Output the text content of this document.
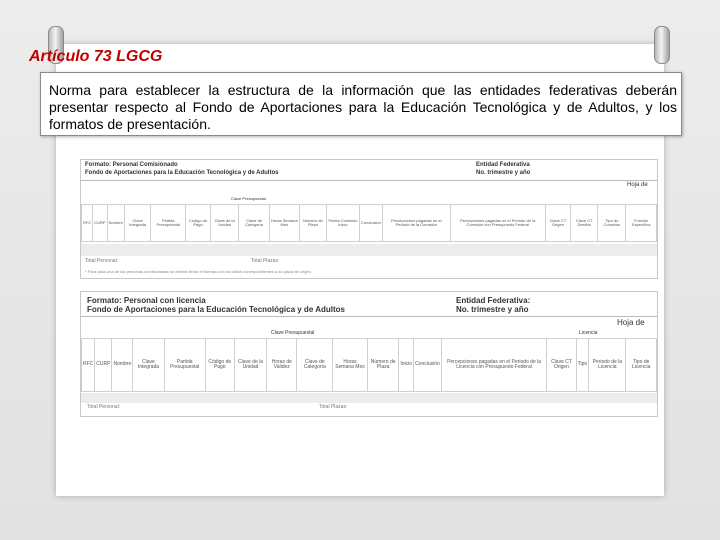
Artículo 73 LGCG

Norma para establecer la estructura de la información que las entidades federativas deberán presentar respecto al Fondo de Aportaciones para la Educación Tecnológica y de Adultos, y los formatos de presentación.

Formato: Personal Comisionado
Fondo de Aportaciones para la Educación Tecnológica y de Adultos
Entidad Federativa
No. trimestre y año
Hoja de
Clave Presupuestal
RFC	CURP	Nombre	Clave Integrada	Partida Presupuestal	Código de Pago	Clave de la Unidad	Clave de Categoría	Horas Semana Mes	Número de Plaza	Fecha Comisión Inicio	Conclusión	Percepciones pagadas en el Periodo de la Comisión	Percepciones pagadas en el Periodo de la Comisión con Presupuesto Federal	Clave CT Origen	Clave CT Destino	Tipo de Comisión	Función Específica
Total Personal:	Total Plazas:
* Para cada una de las personas comisionadas se deberá llenar el formato con los datos correspondientes a su plaza de origen.
Formato: Personal con licencia
Fondo de Aportaciones para la Educación Tecnológica y de Adultos
Entidad Federativa:
No. trimestre y año
Hoja de
Clave Presupuestal	Licencia
RFC	CURP	Nombre	Clave Integrada	Partida Presupuestal	Código de Pago	Clave de la Unidad	Horas de Validez	Clave de Categoría	Horas Semana Mes	Número de Plaza	Inicio	Conclusión	Percepciones pagadas en el Periodo de la Licencia con Presupuesto Federal	Clave CT Origen	Tipo	Periodo de la Licencia	Tipo de Licencia
Total Personal:	Total Plazas:
